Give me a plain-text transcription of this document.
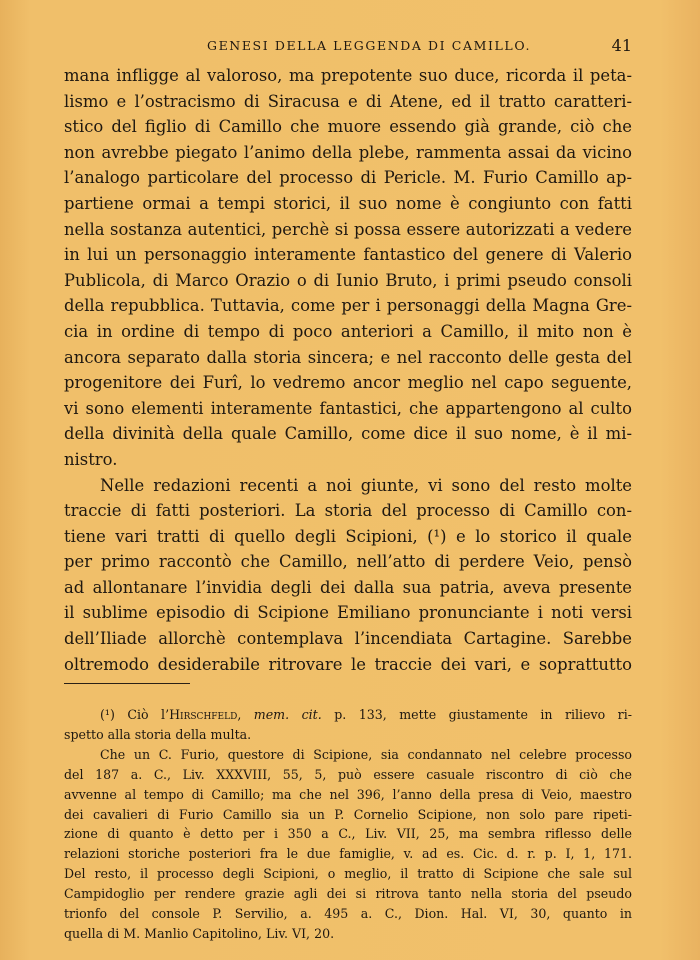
GENESI DELLA LEGGENDA DI CAMILLO.	41

mana infligge al valoroso, ma prepotente suo duce, ricorda il peta-
lismo e l’ostracismo di Siracusa e di Atene, ed il tratto caratteri-
stico del figlio di Camillo che muore essendo già grande, ciò che
non avrebbe piegato l’animo della plebe, rammenta assai da vicino
l’analogo particolare del processo di Pericle. M. Furio Camillo ap-
partiene ormai a tempi storici, il suo nome è congiunto con fatti
nella sostanza autentici, perchè si possa essere autorizzati a vedere
in lui un personaggio interamente fantastico del genere di Valerio
Publicola, di Marco Orazio o di Iunio Bruto, i primi pseudo consoli
della repubblica. Tuttavia, come per i personaggi della Magna Gre-
cia in ordine di tempo di poco anteriori a Camillo, il mito non è
ancora separato dalla storia sincera; e nel racconto delle gesta del
progenitore dei Furî, lo vedremo ancor meglio nel capo seguente,
vi sono elementi interamente fantastici, che appartengono al culto
della divinità della quale Camillo, come dice il suo nome, è il mi-
nistro.

Nelle redazioni recenti a noi giunte, vi sono del resto molte
traccie di fatti posteriori. La storia del processo di Camillo con-
tiene vari tratti di quello degli Scipioni, (¹) e lo storico il quale
per primo raccontò che Camillo, nell’atto di perdere Veio, pensò
ad allontanare l’invidia degli dei dalla sua patria, aveva presente
il sublime episodio di Scipione Emiliano pronunciante i noti versi
dell’Iliade allorchè contemplava l’incendiata Cartagine. Sarebbe
oltremodo desiderabile ritrovare le traccie dei vari, e soprattutto

(¹) Ciò l’Hirschfeld, mem. cit. p. 133, mette giustamente in rilievo ri-
spetto alla storia della multa.
Che un C. Furio, questore di Scipione, sia condannato nel celebre processo
del 187 a. C., Liv. XXXVIII, 55, 5, può essere casuale riscontro di ciò che
avvenne al tempo di Camillo; ma che nel 396, l’anno della presa di Veio, maestro
dei cavalieri di Furio Camillo sia un P. Cornelio Scipione, non solo pare ripeti-
zione di quanto è detto per i 350 a C., Liv. VII, 25, ma sembra riflesso delle
relazioni storiche posteriori fra le due famiglie, v. ad es. Cic. d. r. p. I, 1, 171.
Del resto, il processo degli Scipioni, o meglio, il tratto di Scipione che sale sul
Campidoglio per rendere grazie agli dei si ritrova tanto nella storia del pseudo
trionfo del console P. Servilio, a. 495 a. C., Dion. Hal. VI, 30, quanto in
quella di M. Manlio Capitolino, Liv. VI, 20.
